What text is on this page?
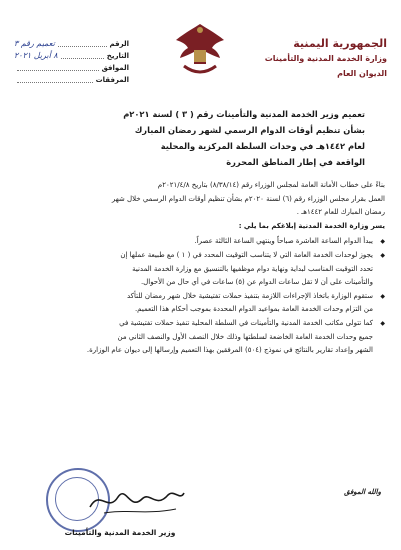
الجمهورية اليمنية
وزارة الخدمة المدنية والتأمينات
الديوان العام
الرقم
تعمیم رقم ٣
التاريخ
٨ أبريل ٢٠٢١
الموافق
المرفقات
تعميم وزير الخدمة المدنية والتأمينات رقم ( ٣ ) لسنة ٢٠٢١م
بشأن تنظيم أوقات الدوام الرسمي لشهر رمضان المبارك
لعام ١٤٤٢هـ في وحدات السلطة المركزية والمحلية
الواقعة في إطار المناطق المحررة

بناءً على خطاب الأمانة العامة لمجلس الوزراء رقم (٨/٣٨/١٤) بتاريخ ٢٠٢١/٤/٨م

العمل بقرار مجلس الوزراء رقم (٦) لسنة ٢٠٢٠م بشأن تنظيم أوقات الدوام الرسمي خلال شهر

رمضان المبارك للعام ١٤٤٢هـ .

يسر وزارة الخدمة المدنية إبلاغكم بما يلي :

◆ يبدأ الدوام الساعة العاشرة صباحاً وينتهي الساعة الثالثة عصراً.

◆ يجوز لوحدات الخدمة العامة التي لا يتناسب التوقيت المحدد في ( ١ ) مع طبيعة عملها إن

تحدد التوقيت المناسب لبداية ونهاية دوام موظفيها بالتنسيق مع وزارة الخدمة المدنية

والتأمينات على أن لا تقل ساعات الدوام عن (٥) ساعات في أي حال من الأحوال.

◆ ستقوم الوزارة باتخاذ الإجراءات اللازمة بتنفيذ حملات تفتيشية خلال شهر رمضان للتأكد

من التزام وحدات الخدمة العامة بمواعيد الدوام المحددة بموجب أحكام هذا التعميم.

◆ كما تتولى مكاتب الخدمة المدنية والتأمينات في السلطة المحلية تنفيذ حملات تفتيشية في

جميع وحدات الخدمة العامة الخاضعة لسلطتها وذلك خلال النصف الأول والنصف الثاني من

الشهر وإعداد تقارير بالنتائج في نموذج (٥٠٤) المرفقين بهذا التعميم وإرسالها إلى ديوان عام الوزارة.

والله الموفق
وزير الخدمة المدنية والتأمينات
